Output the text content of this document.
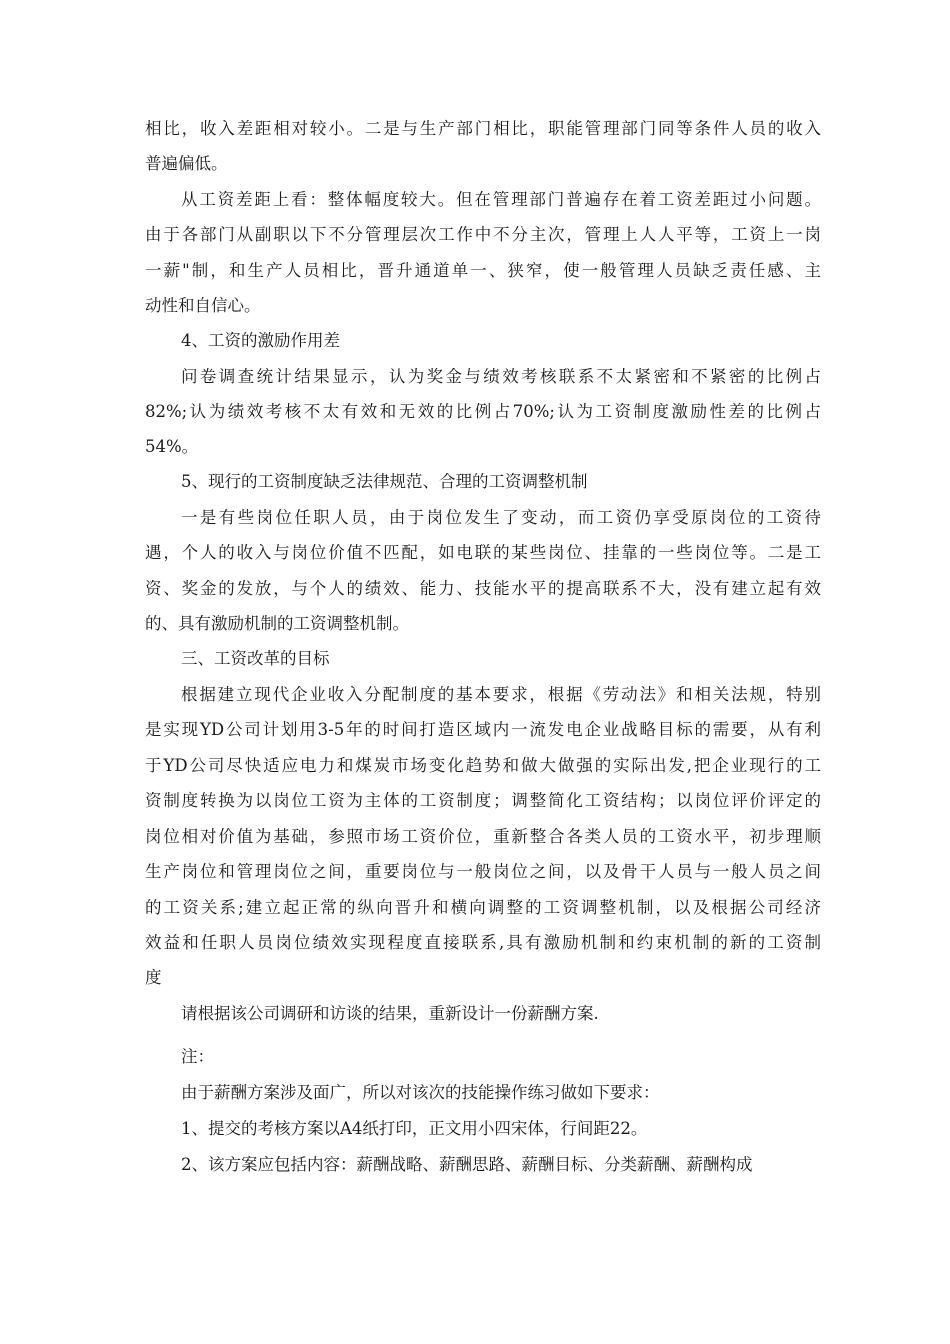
相比，收入差距相对较小。二是与生产部门相比，职能管理部门同等条件人员的收入
普遍偏低。
从工资差距上看：整体幅度较大。但在管理部门普遍存在着工资差距过小问题。
由于各部门从副职以下不分管理层次工作中不分主次，管理上人人平等，工资上一岗
一薪"制，和生产人员相比，晋升通道单一、狭窄，使一般管理人员缺乏责任感、主
动性和自信心。
4、工资的激励作用差
问卷调查统计结果显示，认为奖金与绩效考核联系不太紧密和不紧密的比例占
82%;认为绩效考核不太有效和无效的比例占70%;认为工资制度激励性差的比例占
54%。
5、现行的工资制度缺乏法律规范、合理的工资调整机制
一是有些岗位任职人员，由于岗位发生了变动，而工资仍享受原岗位的工资待
遇，个人的收入与岗位价值不匹配，如电联的某些岗位、挂靠的一些岗位等。二是工
资、奖金的发放，与个人的绩效、能力、技能水平的提高联系不大，没有建立起有效
的、具有激励机制的工资调整机制。
三、工资改革的目标
根据建立现代企业收入分配制度的基本要求，根据《劳动法》和相关法规，特别
是实现YD公司计划用3-5年的时间打造区域内一流发电企业战略目标的需要，从有利
于YD公司尽快适应电力和煤炭市场变化趋势和做大做强的实际出发,把企业现行的工
资制度转换为以岗位工资为主体的工资制度；调整简化工资结构；以岗位评价评定的
岗位相对价值为基础，参照市场工资价位，重新整合各类人员的工资水平，初步理顺
生产岗位和管理岗位之间，重要岗位与一般岗位之间，以及骨干人员与一般人员之间
的工资关系;建立起正常的纵向晋升和横向调整的工资调整机制，以及根据公司经济
效益和任职人员岗位绩效实现程度直接联系,具有激励机制和约束机制的新的工资制
度
请根据该公司调研和访谈的结果，重新设计一份薪酬方案.
注：
由于薪酬方案涉及面广，所以对该次的技能操作练习做如下要求：
1、提交的考核方案以A4纸打印，正文用小四宋体，行间距22。
2、该方案应包括内容：薪酬战略、薪酬思路、薪酬目标、分类薪酬、薪酬构成
